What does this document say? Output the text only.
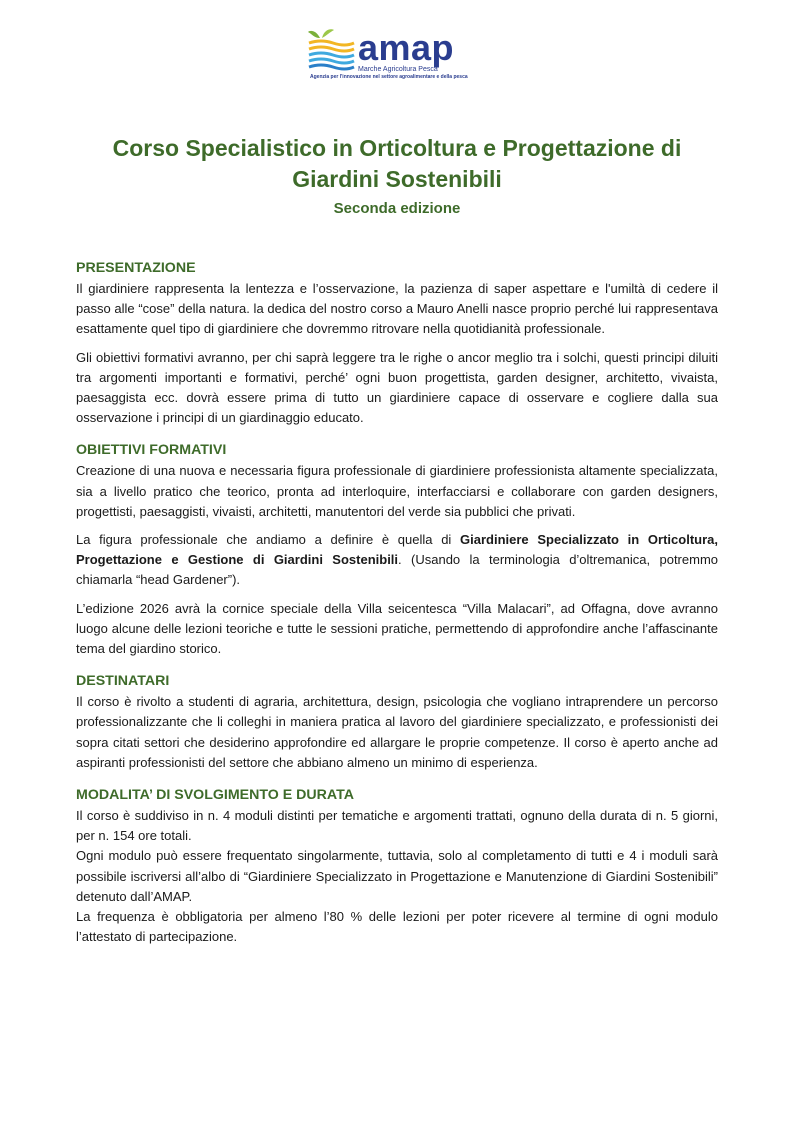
amap
Marche Agricoltura Pesca
Agenzia per l'innovazione nel settore agroalimentare e della pesca
Corso Specialistico in Orticoltura e Progettazione di
Giardini Sostenibili
Seconda edizione
PRESENTAZIONE

Il giardiniere rappresenta la lentezza e l’osservazione, la pazienza di saper aspettare e l'umiltà di cedere il passo alle “cose” della natura. la dedica del nostro corso a Mauro Anelli nasce proprio perché lui rappresentava esattamente quel tipo di giardiniere che dovremmo ritrovare nella quotidianità professionale.

Gli obiettivi formativi avranno, per chi saprà leggere tra le righe o ancor meglio tra i solchi, questi principi diluiti tra argomenti importanti e formativi, perché’ ogni buon progettista, garden designer, architetto, vivaista, paesaggista ecc. dovrà essere prima di tutto un giardiniere capace di osservare e cogliere dalla sua osservazione i principi di un giardinaggio educato.

OBIETTIVI FORMATIVI

Creazione di una nuova e necessaria figura professionale di giardiniere professionista altamente specializzata, sia a livello pratico che teorico, pronta ad interloquire, interfacciarsi e collaborare con garden designers, progettisti, paesaggisti, vivaisti, architetti, manutentori del verde sia pubblici che privati.

La figura professionale che andiamo a definire è quella di Giardiniere Specializzato in Orticoltura, Progettazione e Gestione di Giardini Sostenibili. (Usando la terminologia d’oltremanica, potremmo chiamarla “head Gardener”).

L’edizione 2026 avrà la cornice speciale della Villa seicentesca “Villa Malacari”, ad Offagna, dove avranno luogo alcune delle lezioni teoriche e tutte le sessioni pratiche, permettendo di approfondire anche l’affascinante tema del giardino storico.

DESTINATARI

Il corso è rivolto a studenti di agraria, architettura, design, psicologia che vogliano intraprendere un percorso professionalizzante che li colleghi in maniera pratica al lavoro del giardiniere specializzato, e professionisti dei sopra citati settori che desiderino approfondire ed allargare le proprie competenze. Il corso è aperto anche ad aspiranti professionisti del settore che abbiano almeno un minimo di esperienza.

MODALITA’ DI SVOLGIMENTO E DURATA

Il corso è suddiviso in n. 4 moduli distinti per tematiche e argomenti trattati, ognuno della durata di n. 5 giorni, per n. 154 ore totali.

Ogni modulo può essere frequentato singolarmente, tuttavia, solo al completamento di tutti e 4 i moduli sarà possibile iscriversi all’albo di “Giardiniere Specializzato in Progettazione e Manutenzione di Giardini Sostenibili” detenuto dall’AMAP.

La frequenza è obbligatoria per almeno l’80 % delle lezioni per poter ricevere al termine di ogni modulo l’attestato di partecipazione.
